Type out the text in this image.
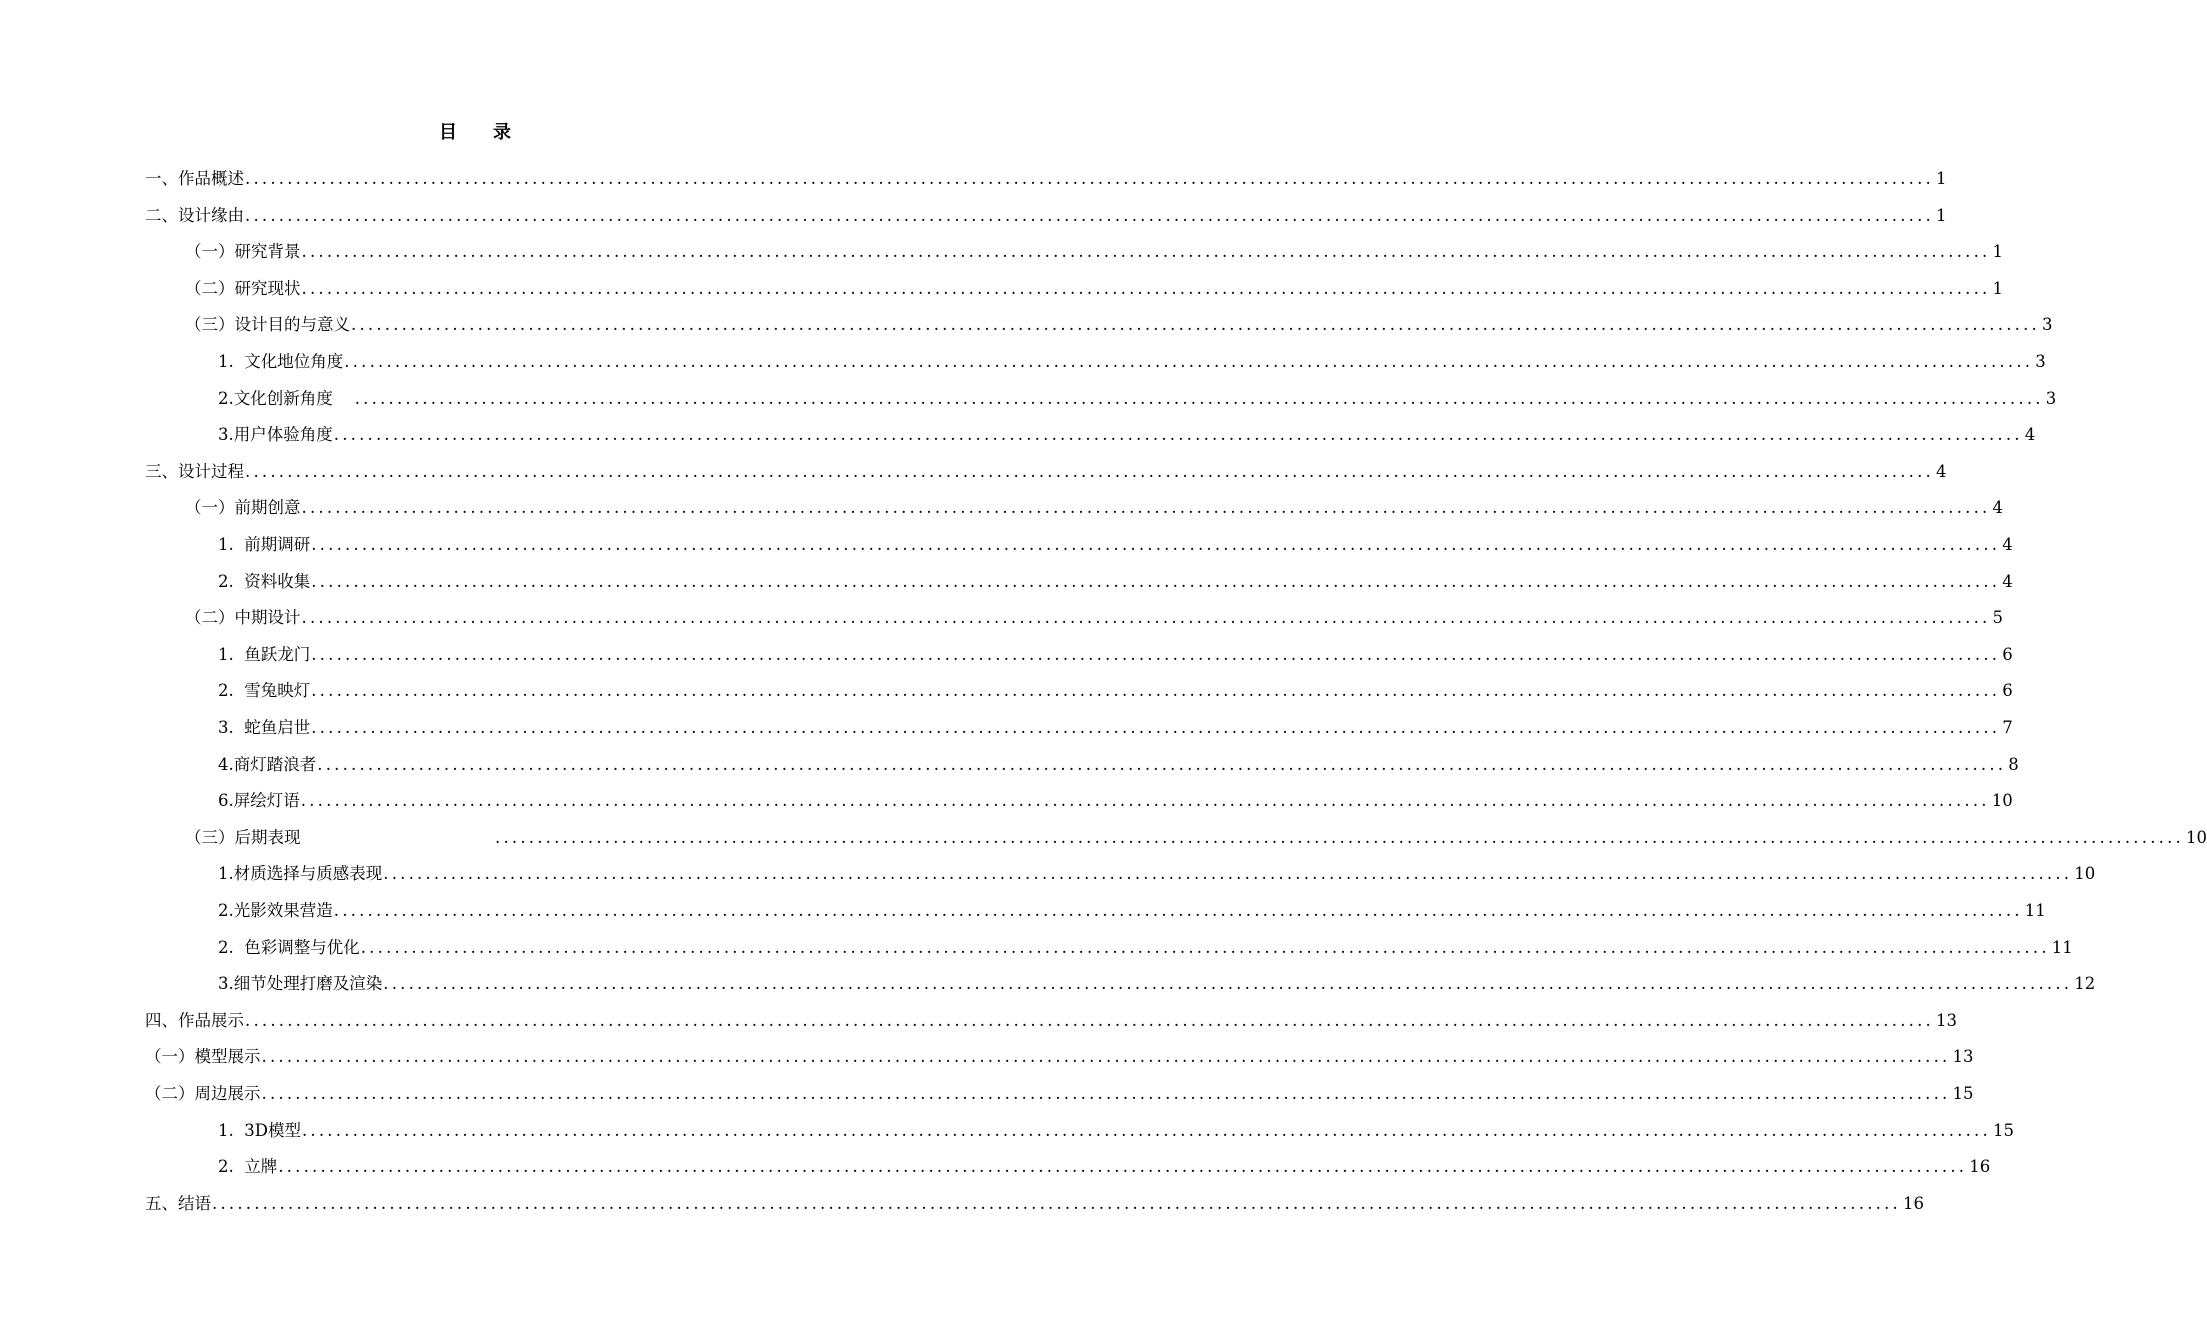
目录
一、作品概述 ........................................................................................................................................................................................................ 1
二、设计缘由 ........................................................................................................................................................................................................ 1
（一）研究背景 ........................................................................................................................................................................................................ 1
（二）研究现状 ........................................................................................................................................................................................................ 1
（三）设计目的与意义 ........................................................................................................................................................................................................ 3
1.  文化地位角度 ........................................................................................................................................................................................................ 3
2.文化创新角度 ........................................................................................................................................................................................................ 3
3.用户体验角度 ........................................................................................................................................................................................................ 4
三、设计过程 ........................................................................................................................................................................................................ 4
（一）前期创意 ........................................................................................................................................................................................................ 4
1.  前期调研 ........................................................................................................................................................................................................ 4
2.  资料收集 ........................................................................................................................................................................................................ 4
（二）中期设计 ........................................................................................................................................................................................................ 5
1.  鱼跃龙门 ........................................................................................................................................................................................................ 6
2.  雪兔映灯 ........................................................................................................................................................................................................ 6
3.  蛇鱼启世 ........................................................................................................................................................................................................ 7
4.商灯踏浪者 ........................................................................................................................................................................................................ 8
6.屏绘灯语 ........................................................................................................................................................................................................ 10
（三）后期表现	........................................................................................................................................................................................................ 10
1.材质选择与质感表现 ........................................................................................................................................................................................................ 10
2.光影效果营造 ........................................................................................................................................................................................................ 11
2.  色彩调整与优化 ........................................................................................................................................................................................................ 11
3.细节处理打磨及渲染 ........................................................................................................................................................................................................ 12
四、作品展示 ........................................................................................................................................................................................................ 13
（一）模型展示 ........................................................................................................................................................................................................ 13
（二）周边展示 ........................................................................................................................................................................................................ 15
1.  3D模型 ........................................................................................................................................................................................................ 15
2.  立牌 ........................................................................................................................................................................................................ 16
五、结语 ........................................................................................................................................................................................................ 16
